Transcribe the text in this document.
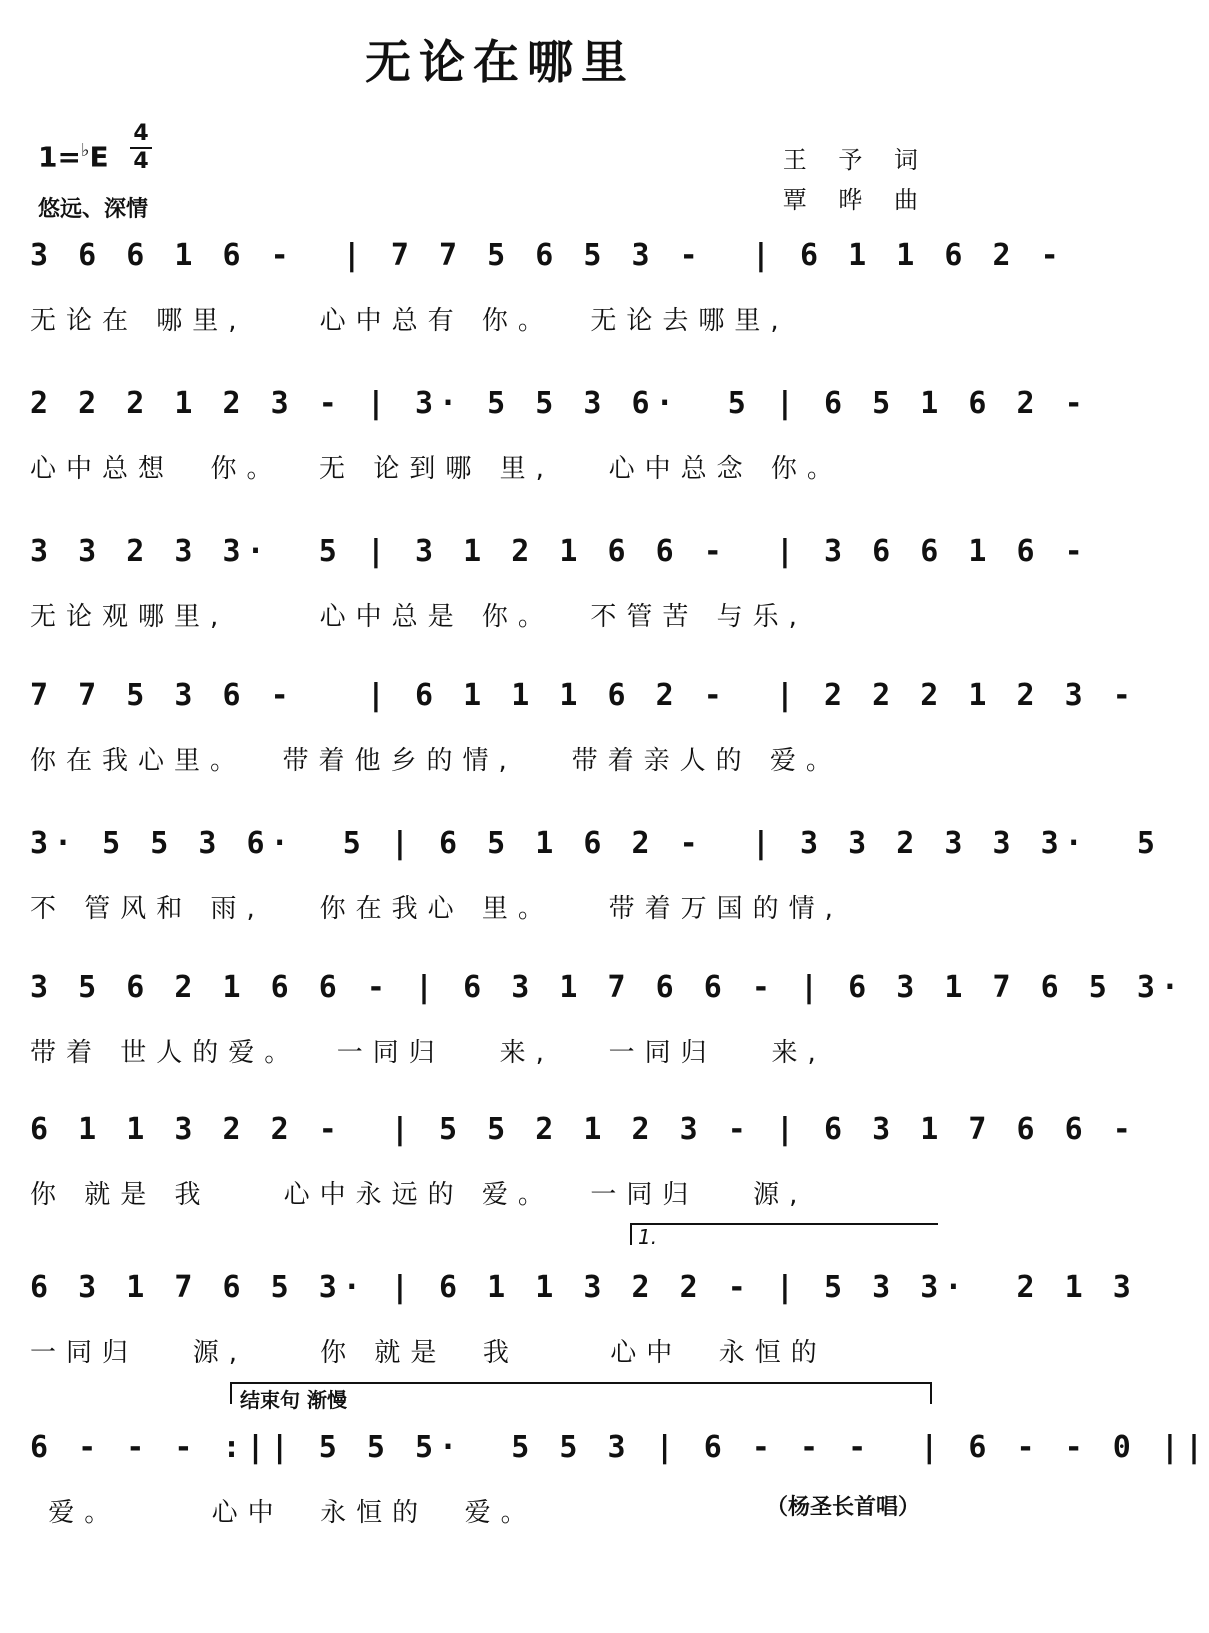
无论在哪里
1=♭E
4
4
悠远、深情
王 予 词
覃 晔 曲
3 6 6 1 6 -  | 7 7 5 6 5 3 -  | 6 1 1 6 2 -
无论在 哪里,    心中总有 你。  无论去哪里,
2 2 2 1 2 3 - | 3· 5 5 3 6·  5 | 6 5 1 6 2 -
心中总想  你。  无 论到哪 里,   心中总念 你。
3 3 2 3 3·  5 | 3 1 2 1 6 6 -  | 3 6 6 1 6 -
无论观哪里,     心中总是 你。  不管苦 与乐,
7 7 5 3 6 -   | 6 1 1 1 6 2 -  | 2 2 2 1 2 3 -
你在我心里。  带着他乡的情,   带着亲人的 爱。
3· 5 5 3 6·  5 | 6 5 1 6 2 -  | 3 3 2 3 3 3·  5
不 管风和 雨,   你在我心 里。   带着万国的情,
3 5 6 2 1 6 6 - | 6 3 1 7 6 6 - | 6 3 1 7 6 5 3·
带着 世人的爱。  一同归   来,   一同归   来,
6 1 1 3 2 2 -  | 5 5 2 1 2 3 - | 6 3 1 7 6 6 -
你 就是 我    心中永远的 爱。  一同归   源,
1.
6 3 1 7 6 5 3· | 6 1 1 3 2 2 - | 5 3 3·  2 1 3
一同归   源,    你 就是  我     心中  永恒的
结束句 渐慢
6 - - - :|| 5 5 5·  5 5 3 | 6 - - -  | 6 - - 0 ||
爱。     心中  永恒的  爱。	（杨圣长首唱）
